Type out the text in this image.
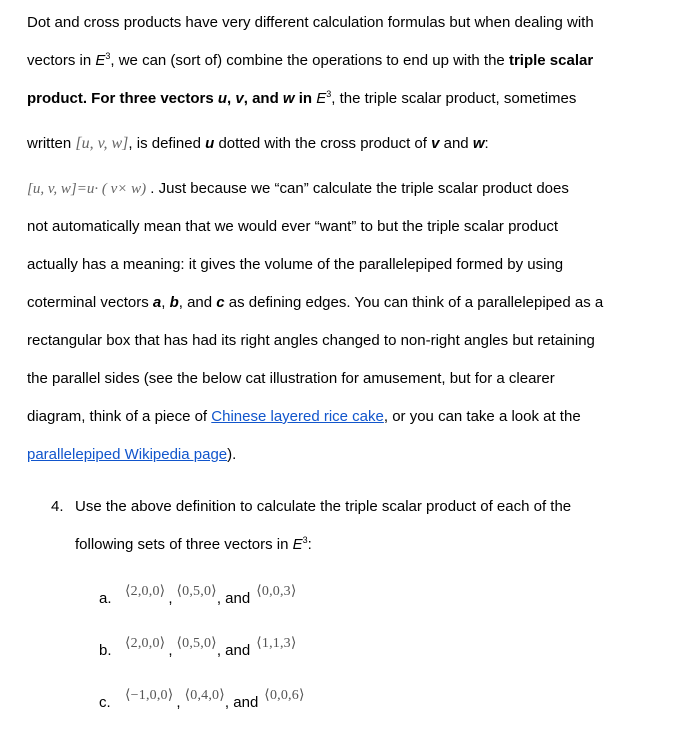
Dot and cross products have very different calculation formulas but when dealing with
vectors in $E^3$, we can (sort of) combine the operations to end up with the triple scalar
product. For three vectors u, v, and w in $E^3$, the triple scalar product, sometimes
written [u, v, w], is defined u dotted with the cross product of v and w:
[u, v, w]=u· ( v× w) . Just because we “can” calculate the triple scalar product does
not automatically mean that we would ever “want” to but the triple scalar product
actually has a meaning: it gives the volume of the parallelepiped formed by using
coterminal vectors a, b, and c as defining edges. You can think of a parallelepiped as a
rectangular box that has had its right angles changed to non-right angles but retaining
the parallel sides (see the below cat illustration for amusement, but for a clearer
diagram, think of a piece of Chinese layered rice cake, or you can take a look at the
parallelepiped Wikipedia page).
4. Use the above definition to calculate the triple scalar product of each of the
following sets of three vectors in $E^3$:
a. ⟨2,0,0⟩ , ⟨0,5,0⟩, and ⟨0,0,3⟩
b. ⟨2,0,0⟩ , ⟨0,5,0⟩, and ⟨1,1,3⟩
c. ⟨−1,0,0⟩ , ⟨0,4,0⟩, and ⟨0,0,6⟩
